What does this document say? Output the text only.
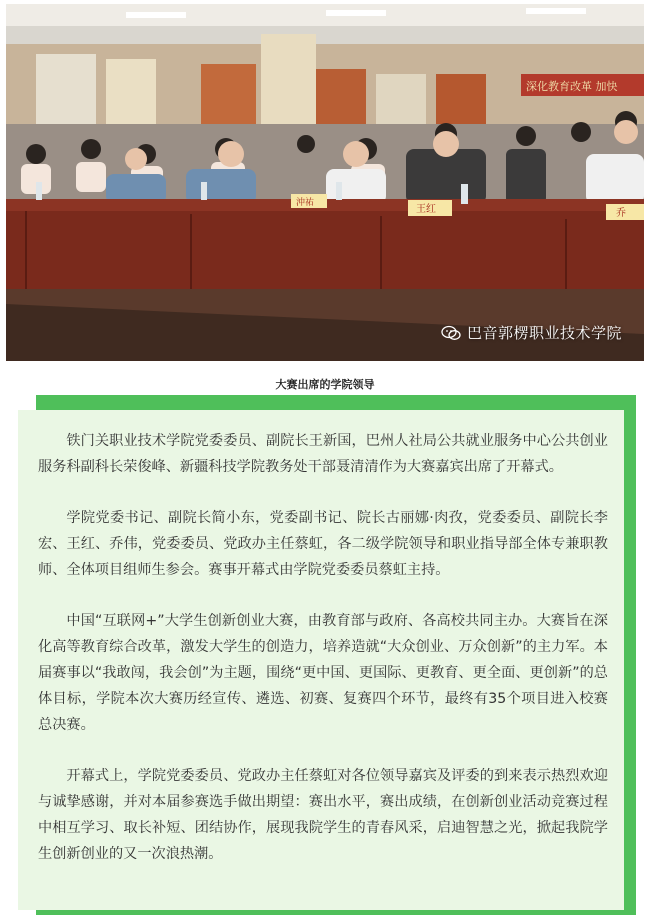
深化教育改革 加快
沖祐
王红	乔
巴音郭楞职业技术学院
大赛出席的学院领导

铁门关职业技术学院党委委员、副院长王新国，巴州人社局公共就业服务中心公共创业服务科副科长荣俊峰、新疆科技学院教务处干部聂清清作为大赛嘉宾出席了开幕式。

学院党委书记、副院长简小东，党委副书记、院长古丽娜·肉孜，党委委员、副院长李宏、王红、乔伟，党委委员、党政办主任蔡虹，各二级学院领导和职业指导部全体专兼职教师、全体项目组师生参会。赛事开幕式由学院党委委员蔡虹主持。

中国“互联网+”大学生创新创业大赛，由教育部与政府、各高校共同主办。大赛旨在深化高等教育综合改革，激发大学生的创造力，培养造就“大众创业、万众创新”的主力军。本届赛事以“我敢闯，我会创”为主题，围绕“更中国、更国际、更教育、更全面、更创新”的总体目标，学院本次大赛历经宣传、遴选、初赛、复赛四个环节，最终有35个项目进入校赛总决赛。

开幕式上，学院党委委员、党政办主任蔡虹对各位领导嘉宾及评委的到来表示热烈欢迎与诚挚感谢，并对本届参赛选手做出期望：赛出水平，赛出成绩，在创新创业活动竞赛过程中相互学习、取长补短、团结协作，展现我院学生的青春风采，启迪智慧之光，掀起我院学生创新创业的又一次浪热潮。
